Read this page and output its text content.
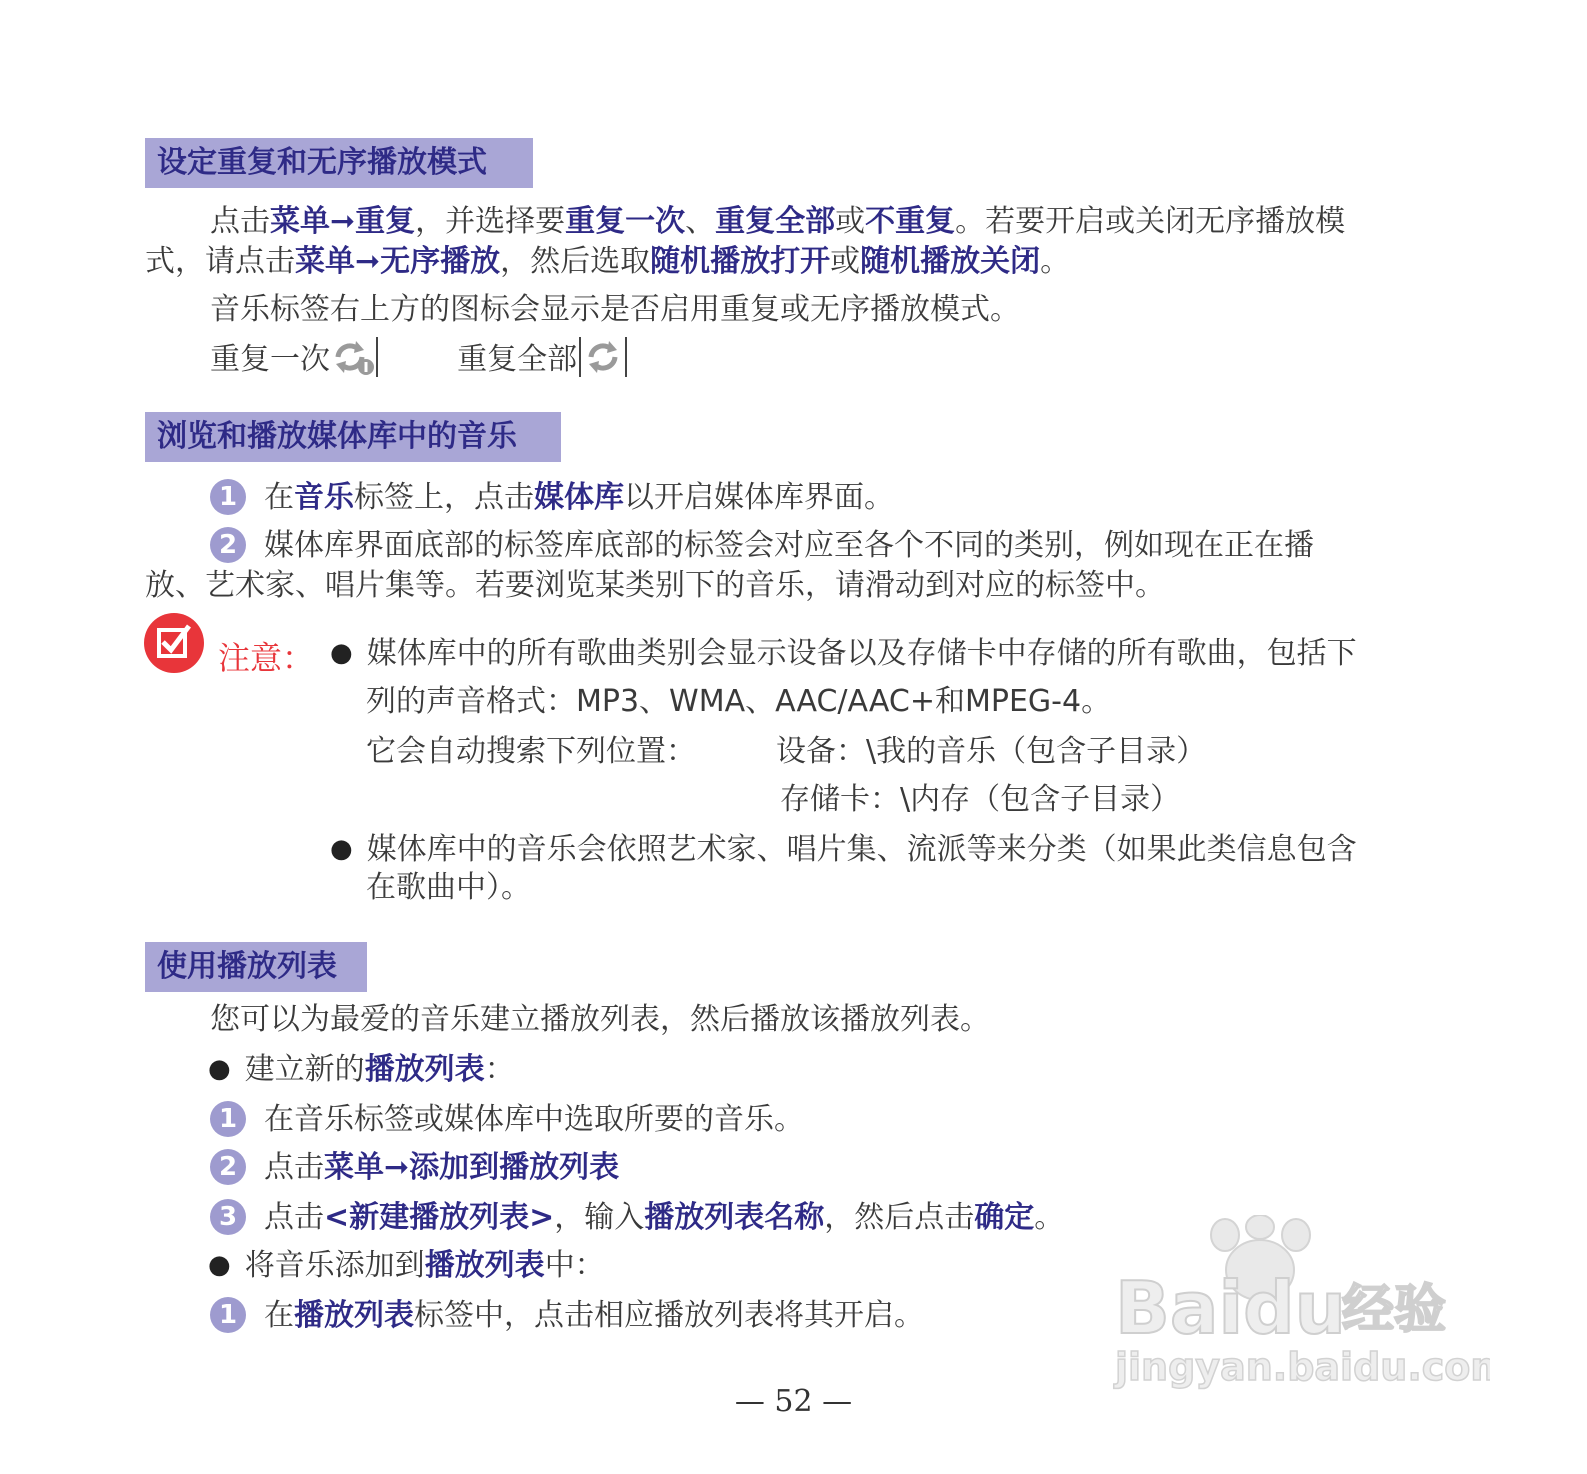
设定重复和无序播放模式
点击菜单➞重复，并选择要重复一次、重复全部或不重复。若要开启或关闭无序播放模
式，请点击菜单➞无序播放，然后选取随机播放打开或随机播放关闭。
音乐标签右上方的图标会显示是否启用重复或无序播放模式。
重复一次	重复全部
浏览和播放媒体库中的音乐
1 在音乐标签上，点击媒体库以开启媒体库界面。
2 媒体库界面底部的标签库底部的标签会对应至各个不同的类别，例如现在正在播
放、艺术家、唱片集等。若要浏览某类别下的音乐，请滑动到对应的标签中。
注意： ● 媒体库中的所有歌曲类别会显示设备以及存储卡中存储的所有歌曲，包括下
列的声音格式：MP3、WMA、AAC/AAC+和MPEG-4。
它会自动搜索下列位置：	设备：\我的音乐（包含子目录）
存储卡：\内存（包含子目录）
● 媒体库中的音乐会依照艺术家、唱片集、流派等来分类（如果此类信息包含
在歌曲中）。
使用播放列表
您可以为最爱的音乐建立播放列表，然后播放该播放列表。
● 建立新的播放列表：
1 在音乐标签或媒体库中选取所要的音乐。
2 点击菜单➞添加到播放列表
3 点击<新建播放列表>，输入播放列表名称，然后点击确定。
● 将音乐添加到播放列表中：
1 在播放列表标签中，点击相应播放列表将其开启。
— 52 —
Baidu
经验
jingyan.baidu.com
